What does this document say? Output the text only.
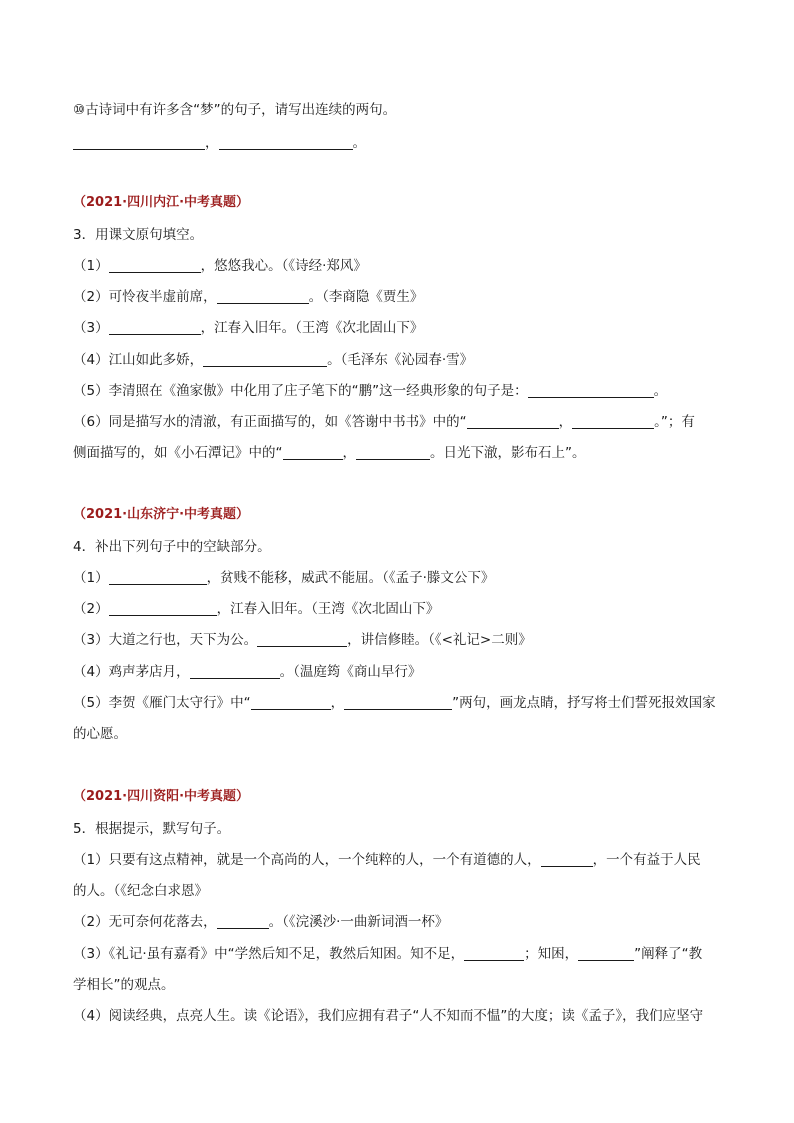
⑩古诗词中有许多含“梦”的句子，请写出连续的两句。
，	。
（2021·四川内江·中考真题）
3．用课文原句填空。
（1）	，悠悠我心。（《诗经·郑风》
（2）可怜夜半虚前席，	。（李商隐《贾生》
（3）	，江春入旧年。（王湾《次北固山下》
（4）江山如此多娇，	。（毛泽东《沁园春·雪》
（5）李清照在《渔家傲》中化用了庄子笔下的“鹏”这一经典形象的句子是：	。
（6）同是描写水的清澈，有正面描写的，如《答谢中书书》中的“	，	。”；有
侧面描写的，如《小石潭记》中的“	，	。日光下澈，影布石上”。
（2021·山东济宁·中考真题）
4．补出下列句子中的空缺部分。
（1）	，贫贱不能移，威武不能屈。（《孟子·滕文公下》
（2）	，江春入旧年。（王湾《次北固山下》
（3）大道之行也，天下为公。	，讲信修睦。（《<礼记>二则》
（4）鸡声茅店月，	。（温庭筠《商山早行》
（5）李贺《雁门太守行》中“	，	”两句，画龙点睛，抒写将士们誓死报效国家
的心愿。
（2021·四川资阳·中考真题）
5．根据提示，默写句子。
（1）只要有这点精神，就是一个高尚的人，一个纯粹的人，一个有道德的人，	，一个有益于人民
的人。（《纪念白求恩》
（2）无可奈何花落去，	。（《浣溪沙·一曲新词酒一杯》
（3）《礼记·虽有嘉肴》中“学然后知不足，教然后知困。知不足，	；知困，	”阐释了“教
学相长”的观点。
（4）阅读经典，点亮人生。读《论语》，我们应拥有君子“人不知而不愠”的大度；读《孟子》，我们应坚守
